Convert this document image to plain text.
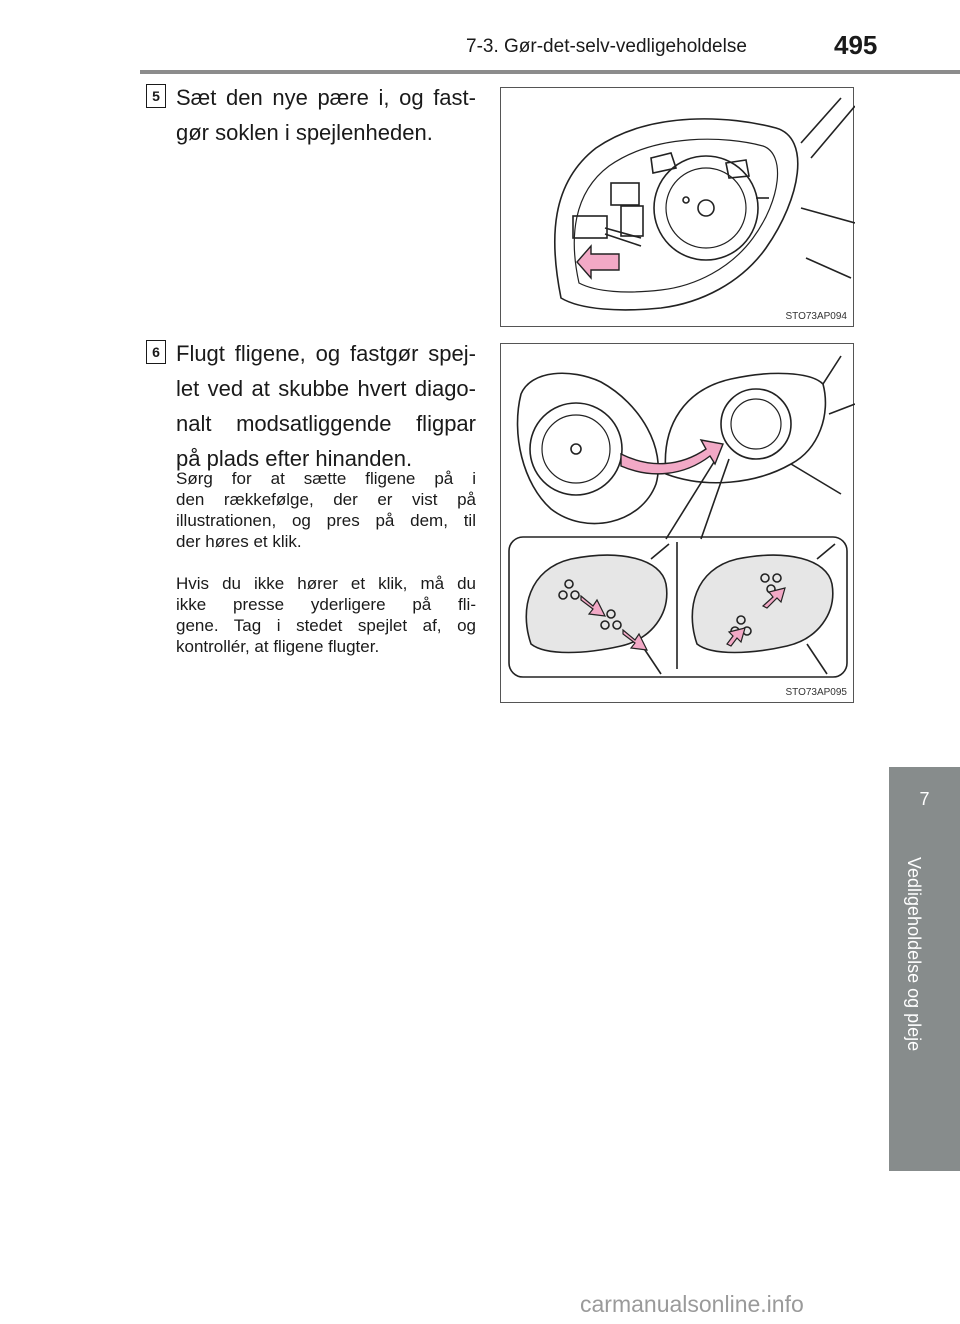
7-3. Gør-det-selv-vedligeholdelse	495
7
Vedligeholdelse og pleje
5 Sæt den nye pære i, og fast-
gør soklen i spejlenheden.
STO73AP094
6 Flugt fligene, og fastgør spej-
let ved at skubbe hvert diago-
nalt modsatliggende fligpar
på plads efter hinanden.
Sørg for at sætte fligene på i
den rækkefølge, der er vist på
illustrationen, og pres på dem, til
der høres et klik.
Hvis du ikke hører et klik, må du
ikke presse yderligere på fli-
gene. Tag i stedet spejlet af, og
kontrollér, at fligene flugter.
STO73AP095
carmanualsonline.info
